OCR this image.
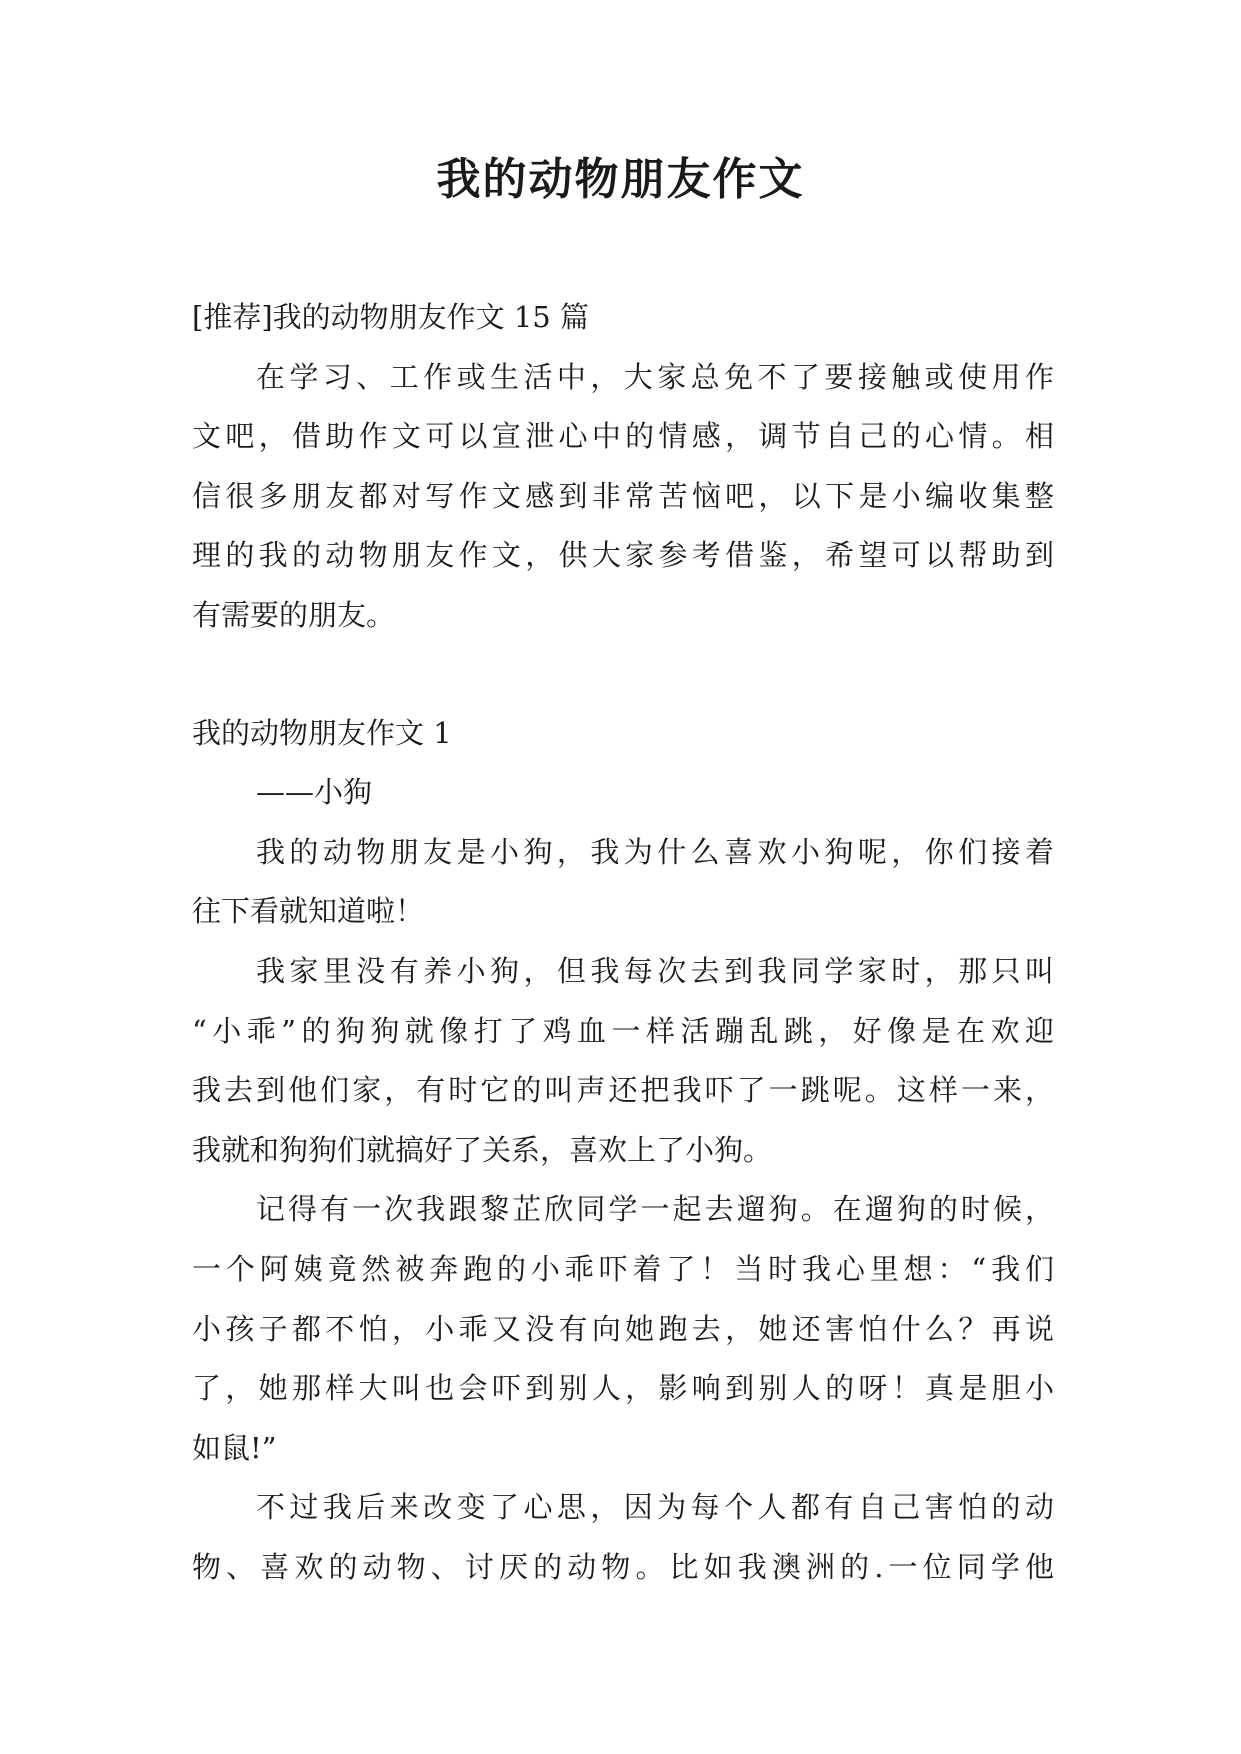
我的动物朋友作文
[推荐]我的动物朋友作文 15 篇
在学习、工作或生活中，大家总免不了要接触或使用作
文吧，借助作文可以宣泄心中的情感，调节自己的心情。相
信很多朋友都对写作文感到非常苦恼吧，以下是小编收集整
理的我的动物朋友作文，供大家参考借鉴，希望可以帮助到
有需要的朋友。
我的动物朋友作文 1
——小狗
我的动物朋友是小狗，我为什么喜欢小狗呢，你们接着
往下看就知道啦！
我家里没有养小狗，但我每次去到我同学家时，那只叫
“小乖”的狗狗就像打了鸡血一样活蹦乱跳，好像是在欢迎
我去到他们家，有时它的叫声还把我吓了一跳呢。这样一来，
我就和狗狗们就搞好了关系，喜欢上了小狗。
记得有一次我跟黎芷欣同学一起去遛狗。在遛狗的时候，
一个阿姨竟然被奔跑的小乖吓着了！当时我心里想：“我们
小孩子都不怕，小乖又没有向她跑去，她还害怕什么？再说
了，她那样大叫也会吓到别人，影响到别人的呀！真是胆小
如鼠!”
不过我后来改变了心思，因为每个人都有自己害怕的动
物、喜欢的动物、讨厌的动物。比如我澳洲的.一位同学他
